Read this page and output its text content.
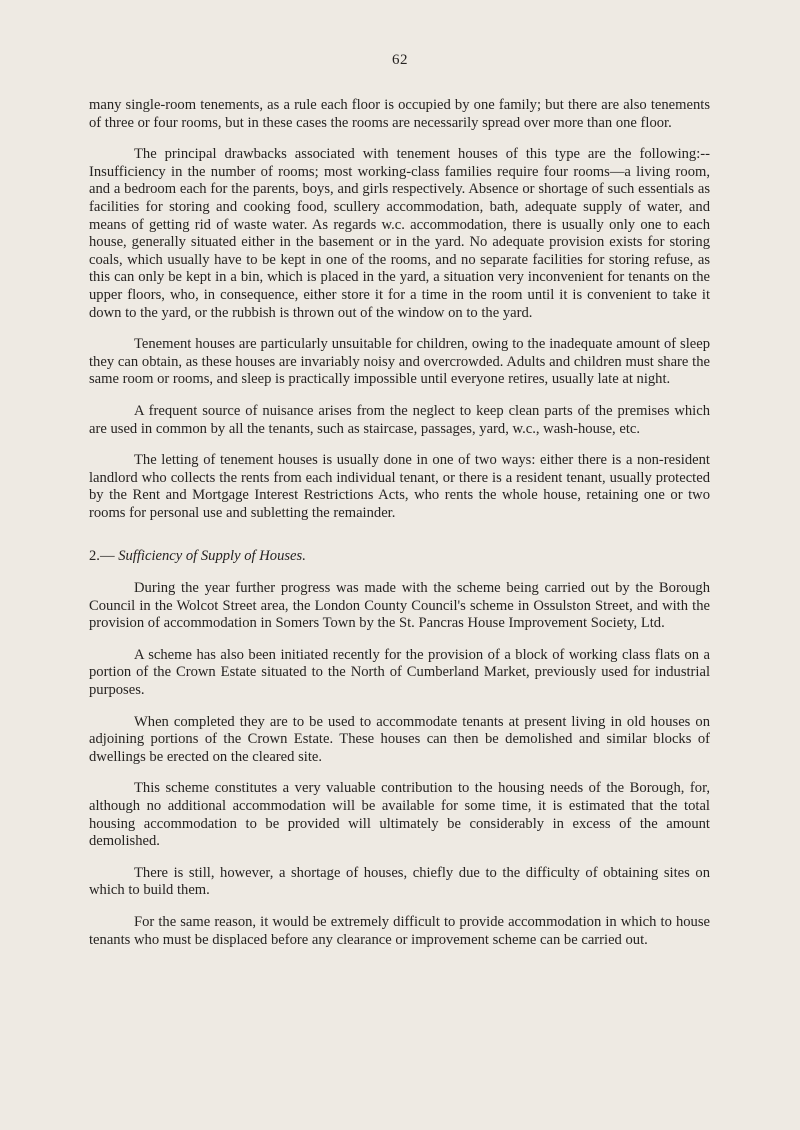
62

many single-room tenements, as a rule each floor is occupied by one family; but there are also tenements of three or four rooms, but in these cases the rooms are necessarily spread over more than one floor.

The principal drawbacks associated with tenement houses of this type are the following:--Insufficiency in the number of rooms; most working-class families require four rooms—a living room, and a bedroom each for the parents, boys, and girls respectively. Absence or shortage of such essentials as facilities for storing and cooking food, scullery accommodation, bath, adequate supply of water, and means of getting rid of waste water. As regards w.c. accommodation, there is usually only one to each house, generally situated either in the basement or in the yard. No adequate provision exists for storing coals, which usually have to be kept in one of the rooms, and no separate facilities for storing refuse, as this can only be kept in a bin, which is placed in the yard, a situation very inconvenient for tenants on the upper floors, who, in consequence, either store it for a time in the room until it is convenient to take it down to the yard, or the rubbish is thrown out of the window on to the yard.

Tenement houses are particularly unsuitable for children, owing to the inadequate amount of sleep they can obtain, as these houses are invariably noisy and overcrowded. Adults and children must share the same room or rooms, and sleep is practically impossible until everyone retires, usually late at night.

A frequent source of nuisance arises from the neglect to keep clean parts of the premises which are used in common by all the tenants, such as staircase, passages, yard, w.c., wash-house, etc.

The letting of tenement houses is usually done in one of two ways: either there is a non-resident landlord who collects the rents from each individual tenant, or there is a resident tenant, usually protected by the Rent and Mortgage Interest Restrictions Acts, who rents the whole house, retaining one or two rooms for personal use and subletting the remainder.

2.— Sufficiency of Supply of Houses.

During the year further progress was made with the scheme being carried out by the Borough Council in the Wolcot Street area, the London County Council's scheme in Ossulston Street, and with the provision of accommodation in Somers Town by the St. Pancras House Improvement Society, Ltd.

A scheme has also been initiated recently for the provision of a block of working class flats on a portion of the Crown Estate situated to the North of Cumberland Market, previously used for industrial purposes.

When completed they are to be used to accommodate tenants at present living in old houses on adjoining portions of the Crown Estate. These houses can then be demolished and similar blocks of dwellings be erected on the cleared site.

This scheme constitutes a very valuable contribution to the housing needs of the Borough, for, although no additional accommodation will be available for some time, it is estimated that the total housing accommodation to be provided will ultimately be considerably in excess of the amount demolished.

There is still, however, a shortage of houses, chiefly due to the difficulty of obtaining sites on which to build them.

For the same reason, it would be extremely difficult to provide accommodation in which to house tenants who must be displaced before any clearance or improvement scheme can be carried out.
